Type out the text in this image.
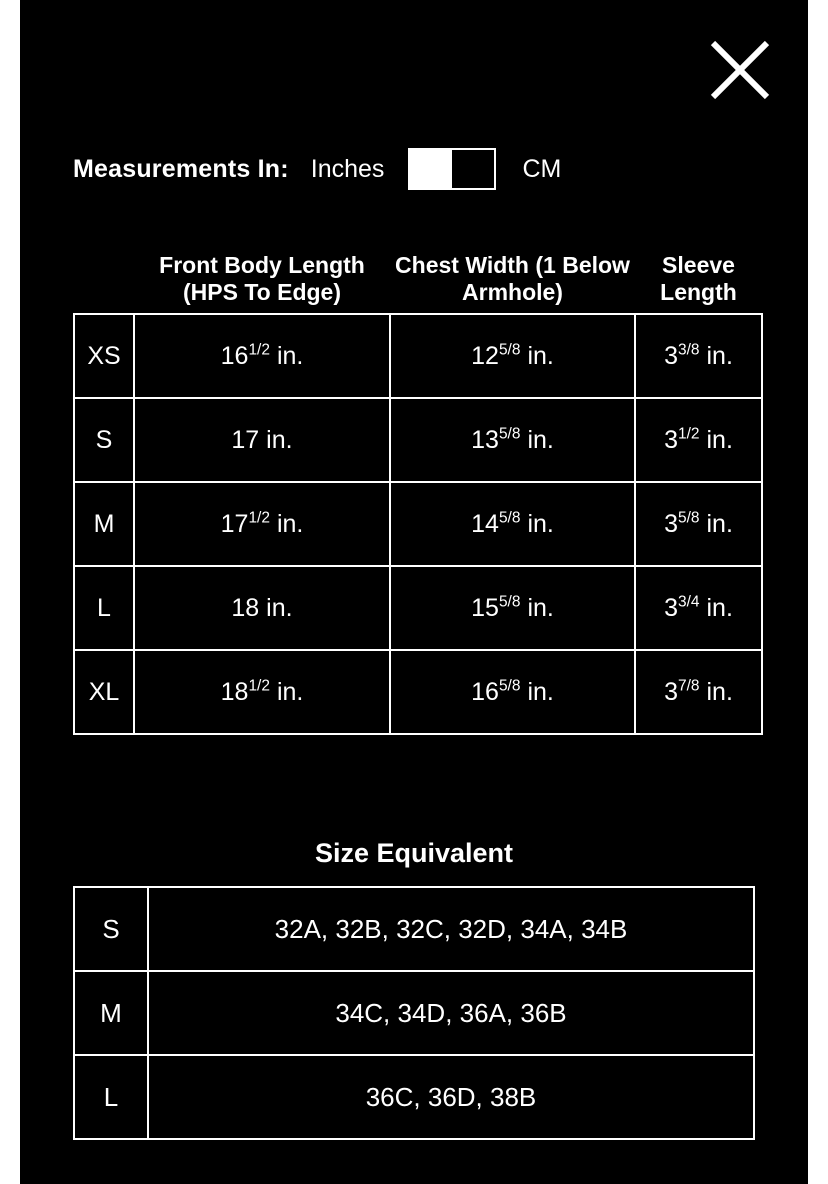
Measurements In: Inches	CM
	Front Body Length (HPS To Edge)	Chest Width (1 Below Armhole)	Sleeve Length
XS	$16^{1/2}$ in.	$12^{5/8}$ in.	$3^{3/8}$ in.
S	17 in.	$13^{5/8}$ in.	$3^{1/2}$ in.
M	$17^{1/2}$ in.	$14^{5/8}$ in.	$3^{5/8}$ in.
L	18 in.	$15^{5/8}$ in.	$3^{3/4}$ in.
XL	$18^{1/2}$ in.	$16^{5/8}$ in.	$3^{7/8}$ in.
Size Equivalent
S	32A, 32B, 32C, 32D, 34A, 34B
M	34C, 34D, 36A, 36B
L	36C, 36D, 38B
